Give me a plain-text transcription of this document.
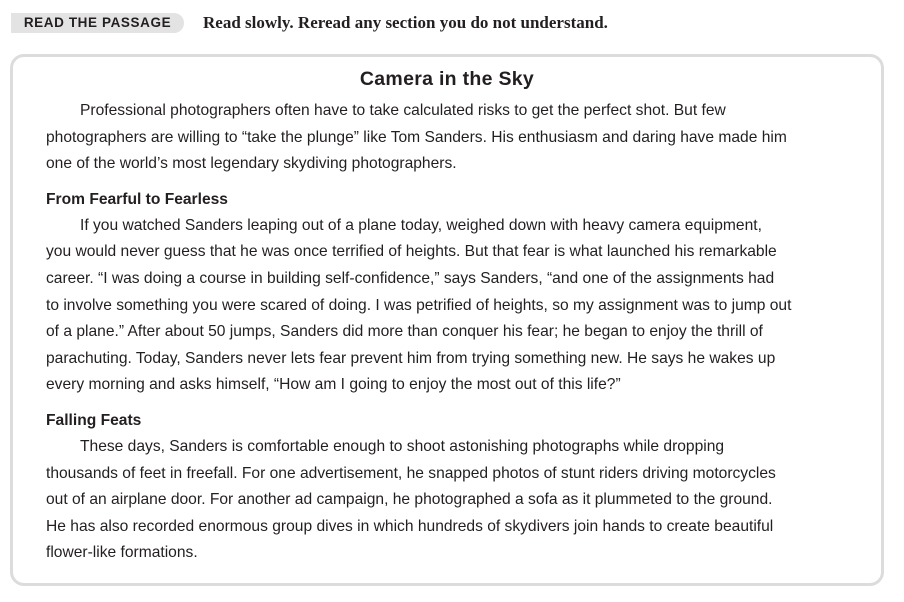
READ THE PASSAGE	Read slowly. Reread any section you do not understand.
Camera in the Sky
Professional photographers often have to take calculated risks to get the perfect shot. But few
photographers are willing to “take the plunge” like Tom Sanders. His enthusiasm and daring have made him
one of the world’s most legendary skydiving photographers.
From Fearful to Fearless
If you watched Sanders leaping out of a plane today, weighed down with heavy camera equipment,
you would never guess that he was once terrified of heights. But that fear is what launched his remarkable
career. “I was doing a course in building self-confidence,” says Sanders, “and one of the assignments had
to involve something you were scared of doing. I was petrified of heights, so my assignment was to jump out
of a plane.” After about 50 jumps, Sanders did more than conquer his fear; he began to enjoy the thrill of
parachuting. Today, Sanders never lets fear prevent him from trying something new. He says he wakes up
every morning and asks himself, “How am I going to enjoy the most out of this life?”
Falling Feats
These days, Sanders is comfortable enough to shoot astonishing photographs while dropping
thousands of feet in freefall. For one advertisement, he snapped photos of stunt riders driving motorcycles
out of an airplane door. For another ad campaign, he photographed a sofa as it plummeted to the ground.
He has also recorded enormous group dives in which hundreds of skydivers join hands to create beautiful
flower-like formations.
